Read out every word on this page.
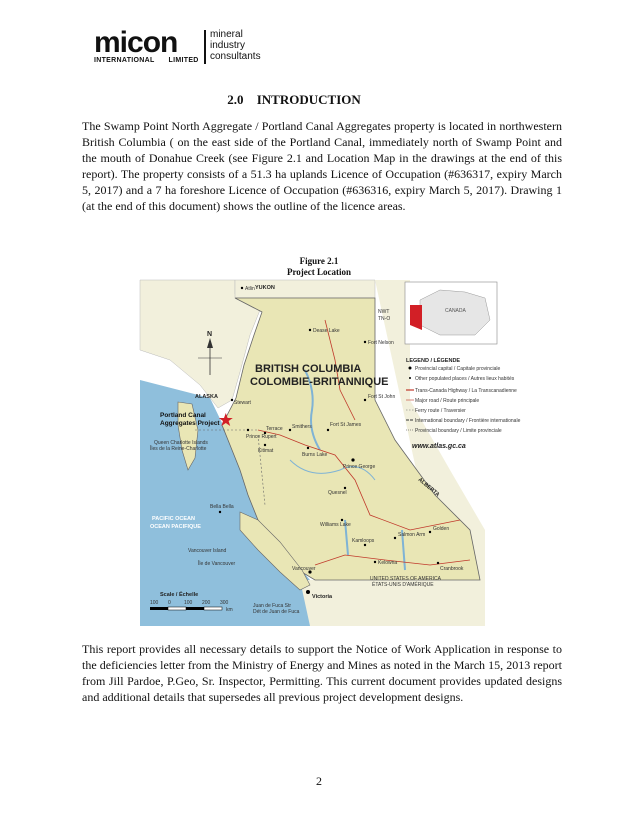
micon
INTERNATIONAL LIMITED
mineral
industry
consultants
2.0 INTRODUCTION

The Swamp Point North Aggregate / Portland Canal Aggregates property is located in northwestern British Columbia ( on the east side of the Portland Canal, immediately north of Swamp Point and the mouth of Donahue Creek (see Figure 2.1 and Location Map in the drawings at the end of this report). The property consists of a 51.3 ha uplands Licence of Occupation (#636317, expiry March 5, 2017) and a 7 ha foreshore Licence of Occupation (#636316, expiry March 5, 2017). Drawing 1 (at the end of this document) shows the outline of the licence areas.

Figure 2.1
Project Location
YUKON
NWT
TN-O
ALASKA
ALBERTA
BRITISH COLUMBIA
COLOMBIE-BRITANNIQUE
Portland Canal
Aggregates Project
PACIFIC OCEAN
OCEAN PACIFIQUE
UNITED STATES OF AMERICA
ÉTATS-UNIS D'AMÉRIQUE
Queen Charlotte Islands
Îles de la Reine-Charlotte
Vancouver Island
Île de Vancouver
Juan de Fuca Str
Dét de Juan de Fuca
Atlin
Dease Lake
Fort Nelson
Stewart
Prince Rupert
Terrace
Kitimat
Smithers
Burns Lake
Fort St James
Fort St John
Prince George
Quesnel
Williams Lake
Bella Bella
Kamloops
Salmon Arm
Golden
Kelowna
Cranbrook
Vancouver
Victoria
N
CANADA
LEGEND / LÉGENDE
Provincial capital / Capitale provinciale
Other populated places / Autres lieux habités
Trans-Canada Highway / La Transcanadienne
Major road / Route principale
Ferry route / Traversier
International boundary / Frontière internationale
Provincial boundary / Limite provinciale
www.atlas.gc.ca
Scale / Échelle
100 0	100 200 300
km

This report provides all necessary details to support the Notice of Work Application in response to the deficiencies letter from the Ministry of Energy and Mines as noted in the March 15, 2013 report from Jill Pardoe, P.Geo, Sr. Inspector, Permitting. This current document provides updated designs and additional details that supersedes all previous project development designs.

2
